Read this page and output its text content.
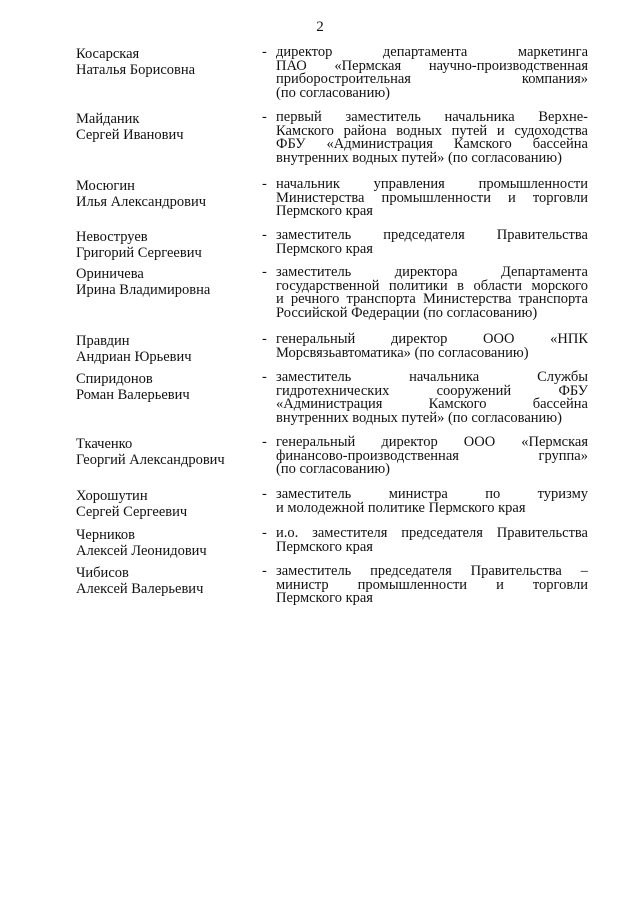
2
Косарская
Наталья Борисовна
- директор департамента маркетинга
ПАО «Пермская научно-производственная
приборостроительная	компания»
(по согласованию)
Майданик
Сергей Иванович
- первый заместитель начальника Верхне-
Камского района водных путей и судоходства
ФБУ «Администрация Камского бассейна
внутренних водных путей» (по согласованию)
Мосюгин
Илья Александрович
- начальник управления промышленности
Министерства промышленности и торговли
Пермского края
Невоструев
Григорий Сергеевич
- заместитель председателя Правительства
Пермского края
Ориничева
Ирина Владимировна
- заместитель директора Департамента
государственной политики в области морского
и речного транспорта Министерства транспорта
Российской Федерации (по согласованию)
Правдин
Андриан Юрьевич
- генеральный директор ООО «НПК
Морсвязьавтоматика» (по согласованию)
Спиридонов
Роман Валерьевич
- заместитель начальника Службы
гидротехнических сооружений ФБУ
«Администрация Камского бассейна
внутренних водных путей» (по согласованию)
Ткаченко
Георгий Александрович
- генеральный директор ООО «Пермская
финансово-производственная группа»
(по согласованию)
Хорошутин
Сергей Сергеевич
- заместитель министра по туризму
и молодежной политике Пермского края
Черников
Алексей Леонидович
- и.о. заместителя председателя Правительства
Пермского края
Чибисов
Алексей Валерьевич
- заместитель председателя Правительства –
министр промышленности и торговли
Пермского края
